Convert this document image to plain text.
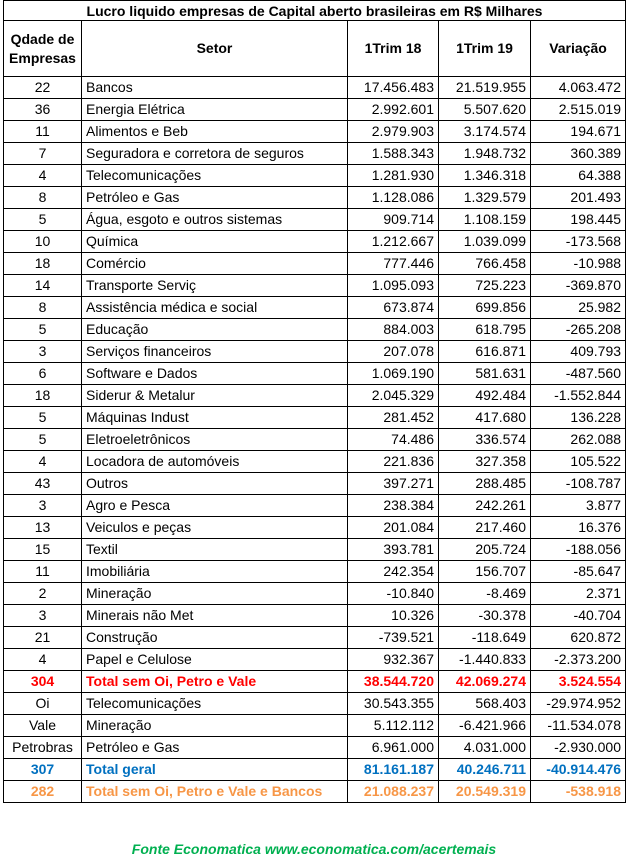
Lucro liquido empresas de Capital aberto brasileiras em R$ Milhares				
Qdade de
Empresas	Setor	1Trim 18	1Trim 19	Variação
22	Bancos	17.456.483	21.519.955	4.063.472
36	Energia Elétrica	2.992.601	5.507.620	2.515.019
11	Alimentos e Beb	2.979.903	3.174.574	194.671
7	Seguradora e corretora de seguros	1.588.343	1.948.732	360.389
4	Telecomunicações	1.281.930	1.346.318	64.388
8	Petróleo e Gas	1.128.086	1.329.579	201.493
5	Água, esgoto e outros sistemas	909.714	1.108.159	198.445
10	Química	1.212.667	1.039.099	-173.568
18	Comércio	777.446	766.458	-10.988
14	Transporte Serviç	1.095.093	725.223	-369.870
8	Assistência médica e social	673.874	699.856	25.982
5	Educação	884.003	618.795	-265.208
3	Serviços financeiros	207.078	616.871	409.793
6	Software e Dados	1.069.190	581.631	-487.560
18	Siderur & Metalur	2.045.329	492.484	-1.552.844
5	Máquinas Indust	281.452	417.680	136.228
5	Eletroeletrônicos	74.486	336.574	262.088
4	Locadora de automóveis	221.836	327.358	105.522
43	Outros	397.271	288.485	-108.787
3	Agro e Pesca	238.384	242.261	3.877
13	Veiculos e peças	201.084	217.460	16.376
15	Textil	393.781	205.724	-188.056
11	Imobiliária	242.354	156.707	-85.647
2	Mineração	-10.840	-8.469	2.371
3	Minerais não Met	10.326	-30.378	-40.704
21	Construção	-739.521	-118.649	620.872
4	Papel e Celulose	932.367	-1.440.833	-2.373.200
304	Total sem Oi, Petro e Vale	38.544.720	42.069.274	3.524.554
Oi	Telecomunicações	30.543.355	568.403	-29.974.952
Vale	Mineração	5.112.112	-6.421.966	-11.534.078
Petrobras	Petróleo e Gas	6.961.000	4.031.000	-2.930.000
307	Total geral	81.161.187	40.246.711	-40.914.476
282	Total sem Oi, Petro e Vale e Bancos	21.088.237	20.549.319	-538.918
Fonte Economatica www.economatica.com/acertemais
